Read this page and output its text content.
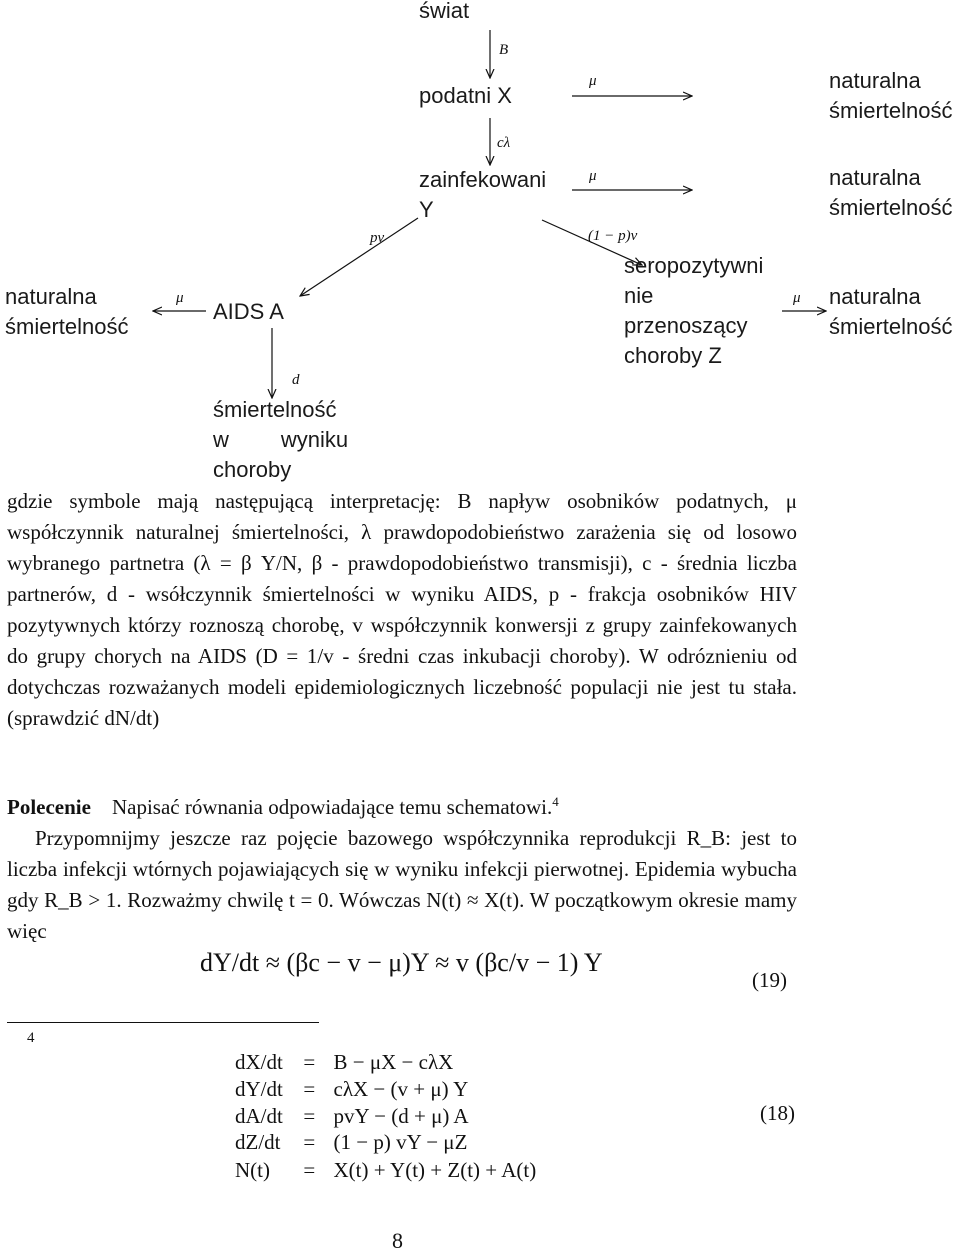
świat
podatni X
zainfekowani
Y
AIDS A
seropozytywni
nie
przenoszący
choroby Z
naturalna
śmiertelność
naturalna
śmiertelność
naturalna
śmiertelność
naturalna
śmiertelność
śmiertelność
w wyniku
choroby
B
cλ
μ
μ
μ
μ
pv	(1 − p)v
d

gdzie symbole mają następującą interpretację: B napływ osobników podatnych, μ współczynnik naturalnej śmiertelności, λ prawdopodobieństwo zarażenia się od losowo wybranego partnetra (λ = β Y/N, β - prawdopodobieństwo transmisji), c - średnia liczba partnerów, d - wsółczynnik śmiertelności w wyniku AIDS, p - frakcja osobników HIV pozytywnych którzy roznoszą chorobę, v współczynnik konwersji z grupy zainfekowanych do grupy chorych na AIDS (D = 1/v - średni czas inkubacji choroby). W odróznieniu od dotychczas rozważanych modeli epidemiologicznych liczebność populacji nie jest tu stała. (sprawdzić dN/dt)

Polecenie Napisać równania odpowiadające temu schematowi.$^4$

Przypomnijmy jeszcze raz pojęcie bazowego współczynnika reprodukcji R_B: jest to liczba infekcji wtórnych pojawiających się w wyniku infekcji pierwotnej. Epidemia wybucha gdy R_B > 1. Rozważmy chwilę t = 0. Wówczas N(t) ≈ X(t). W początkowym okresie mamy więc

dY/dt ≈ (βc − v − μ)Y ≈ v (βc/v − 1) Y
(19)
4
dX/dt = B − μX − cλX
dY/dt = cλX − (v + μ) Y
dA/dt = pvY − (d + μ) A
dZ/dt = (1 − p) vY − μZ
N(t) = X(t) + Y(t) + Z(t) + A(t)
(18)
8
